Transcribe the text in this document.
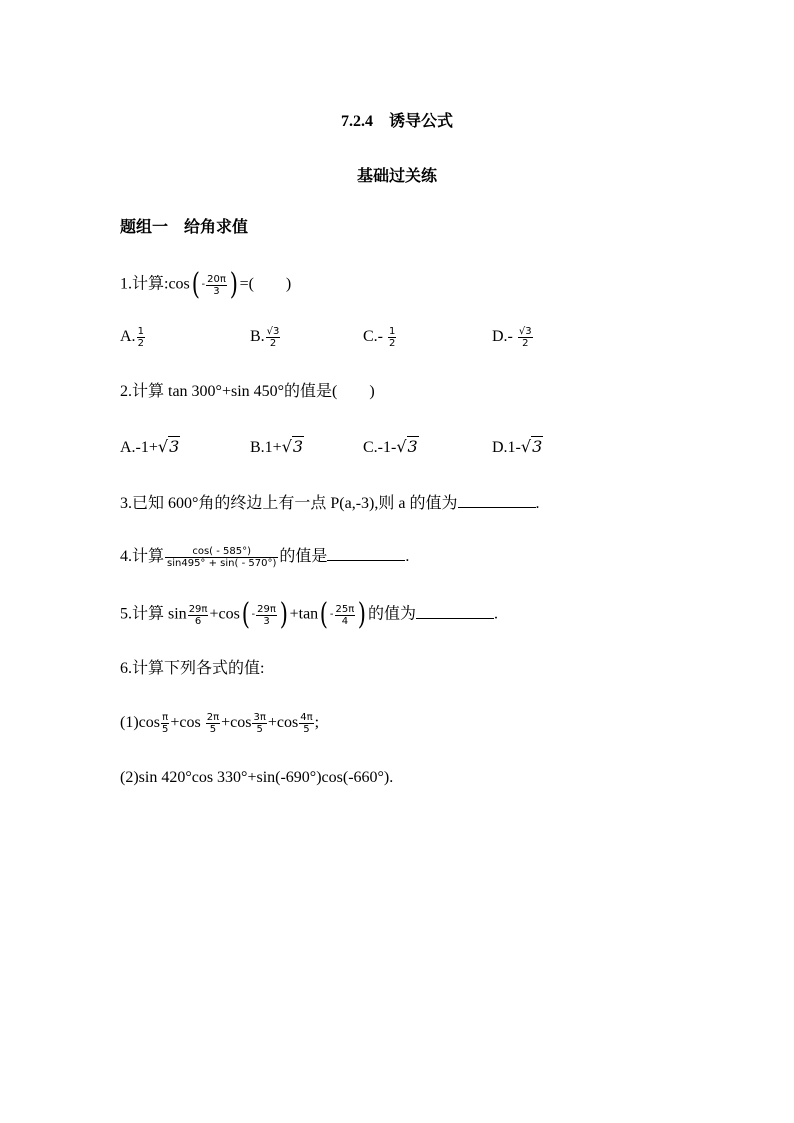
7.2.4　诱导公式
基础过关练
题组一　给角求值
1.计算:cos( - $\frac{20\pi}{3}$ ) =(　　)
A. $\frac{1}{2}$	B. $\frac{√3}{2}$	$C.- \frac{1}{2}$	$D.- \frac{√3}{2}$
2.计算 tan 300°+sin 450°的值是(　　)
A.-1+√3	B.1+√3	C.-1-√3	D.1-√3
3.已知 600°角的终边上有一点 P(a,-3),则 a 的值为	.
4.计算 $\frac{\cos( - 585^\circ)}{\sin 495^\circ + \sin( - 570^\circ)}$ 的值是	.
5.计算 $\sin \frac{29\pi}{6} +\cos( - \frac{29\pi}{3}$ ) $+\tan( - \frac{25\pi}{4}$ ) 的值为	.
6.计算下列各式的值:
$(1)\cos \frac{\pi}{5} +\cos \frac{2\pi}{5} +\cos \frac{3\pi}{5} +\cos \frac{4\pi}{5}$ ;
(2)sin 420°cos 330°+sin(-690°)cos(-660°).
